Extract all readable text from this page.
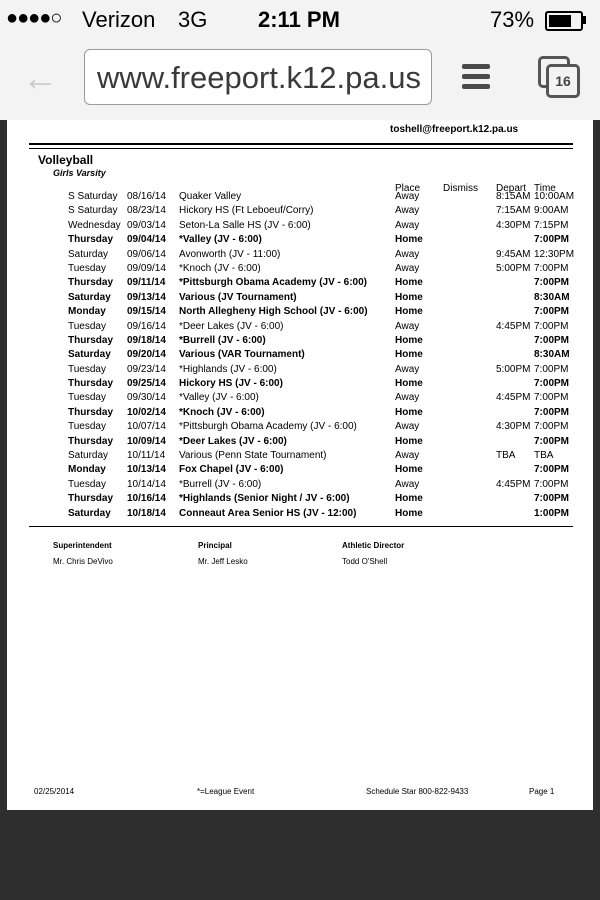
●●●●○ Verizon 3G 2:11 PM	73%
← www.freeport.k12.pa.us	16
toshell@freeport.k12.pa.us
Volleyball
Girls Varsity
Place Dismiss Depart Time
S Saturday 08/16/14 Quaker Valley	Away	8:15AM 10:00AM
S Saturday 08/23/14 Hickory HS (Ft Leboeuf/Corry)	Away	7:15AM 9:00AM
Wednesday 09/03/14 Seton-La Salle HS (JV - 6:00)	Away	4:30PM 7:15PM
Thursday 09/04/14 *Valley (JV - 6:00)	Home	7:00PM
Saturday 09/06/14 Avonworth (JV - 11:00)	Away	9:45AM 12:30PM
Tuesday 09/09/14 *Knoch (JV - 6:00)	Away	5:00PM 7:00PM
Thursday 09/11/14 *Pittsburgh Obama Academy (JV - 6:00)	Home	7:00PM
Saturday 09/13/14 Various (JV Tournament)	Home	8:30AM
Monday 09/15/14 North Allegheny High School (JV - 6:00)	Home	7:00PM
Tuesday 09/16/14 *Deer Lakes (JV - 6:00)	Away	4:45PM 7:00PM
Thursday 09/18/14 *Burrell (JV - 6:00)	Home	7:00PM
Saturday 09/20/14 Various (VAR Tournament)	Home	8:30AM
Tuesday 09/23/14 *Highlands (JV - 6:00)	Away	5:00PM 7:00PM
Thursday 09/25/14 Hickory HS (JV - 6:00)	Home	7:00PM
Tuesday 09/30/14 *Valley (JV - 6:00)	Away	4:45PM 7:00PM
Thursday 10/02/14 *Knoch (JV - 6:00)	Home	7:00PM
Tuesday 10/07/14 *Pittsburgh Obama Academy (JV - 6:00)	Away	4:30PM 7:00PM
Thursday 10/09/14 *Deer Lakes (JV - 6:00)	Home	7:00PM
Saturday 10/11/14 Various (Penn State Tournament)	Away	TBA TBA
Monday 10/13/14 Fox Chapel (JV - 6:00)	Home	7:00PM
Tuesday 10/14/14 *Burrell (JV - 6:00)	Away	4:45PM 7:00PM
Thursday 10/16/14 *Highlands (Senior Night / JV - 6:00)	Home	7:00PM
Saturday 10/18/14 Conneaut Area Senior HS (JV - 12:00)	Home	1:00PM
Superintendent	Principal	Athletic Director
Mr. Chris DeVivo	Mr. Jeff Lesko	Todd O'Shell
02/25/2014	*=League Event	Schedule Star 800-822-9433	Page 1
